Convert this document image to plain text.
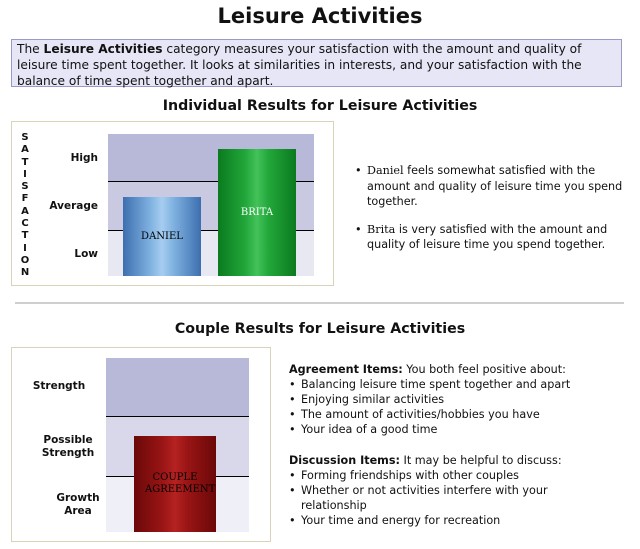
Leisure Activities
The Leisure Activities category measures your satisfaction with the amount and quality of leisure time spent together. It looks at similarities in interests, and your satisfaction with the balance of time spent together and apart.
Individual Results for Leisure Activities
S
A
T
I
S
F
A
C
T
I
O
N
High
Average
Low
DANIEL
BRITA
• Daniel feels somewhat satisfied with the amount and quality of leisure time you spend together.
• Brita is very satisfied with the amount and quality of leisure time you spend together.
Couple Results for Leisure Activities
Strength
Possible Strength
Growth Area
COUPLE AGREEMENT
Agreement Items: You both feel positive about:
• Balancing leisure time spent together and apart
• Enjoying similar activities
• The amount of activities/hobbies you have
• Your idea of a good time
Discussion Items: It may be helpful to discuss:
• Forming friendships with other couples
• Whether or not activities interfere with your relationship
• Your time and energy for recreation
